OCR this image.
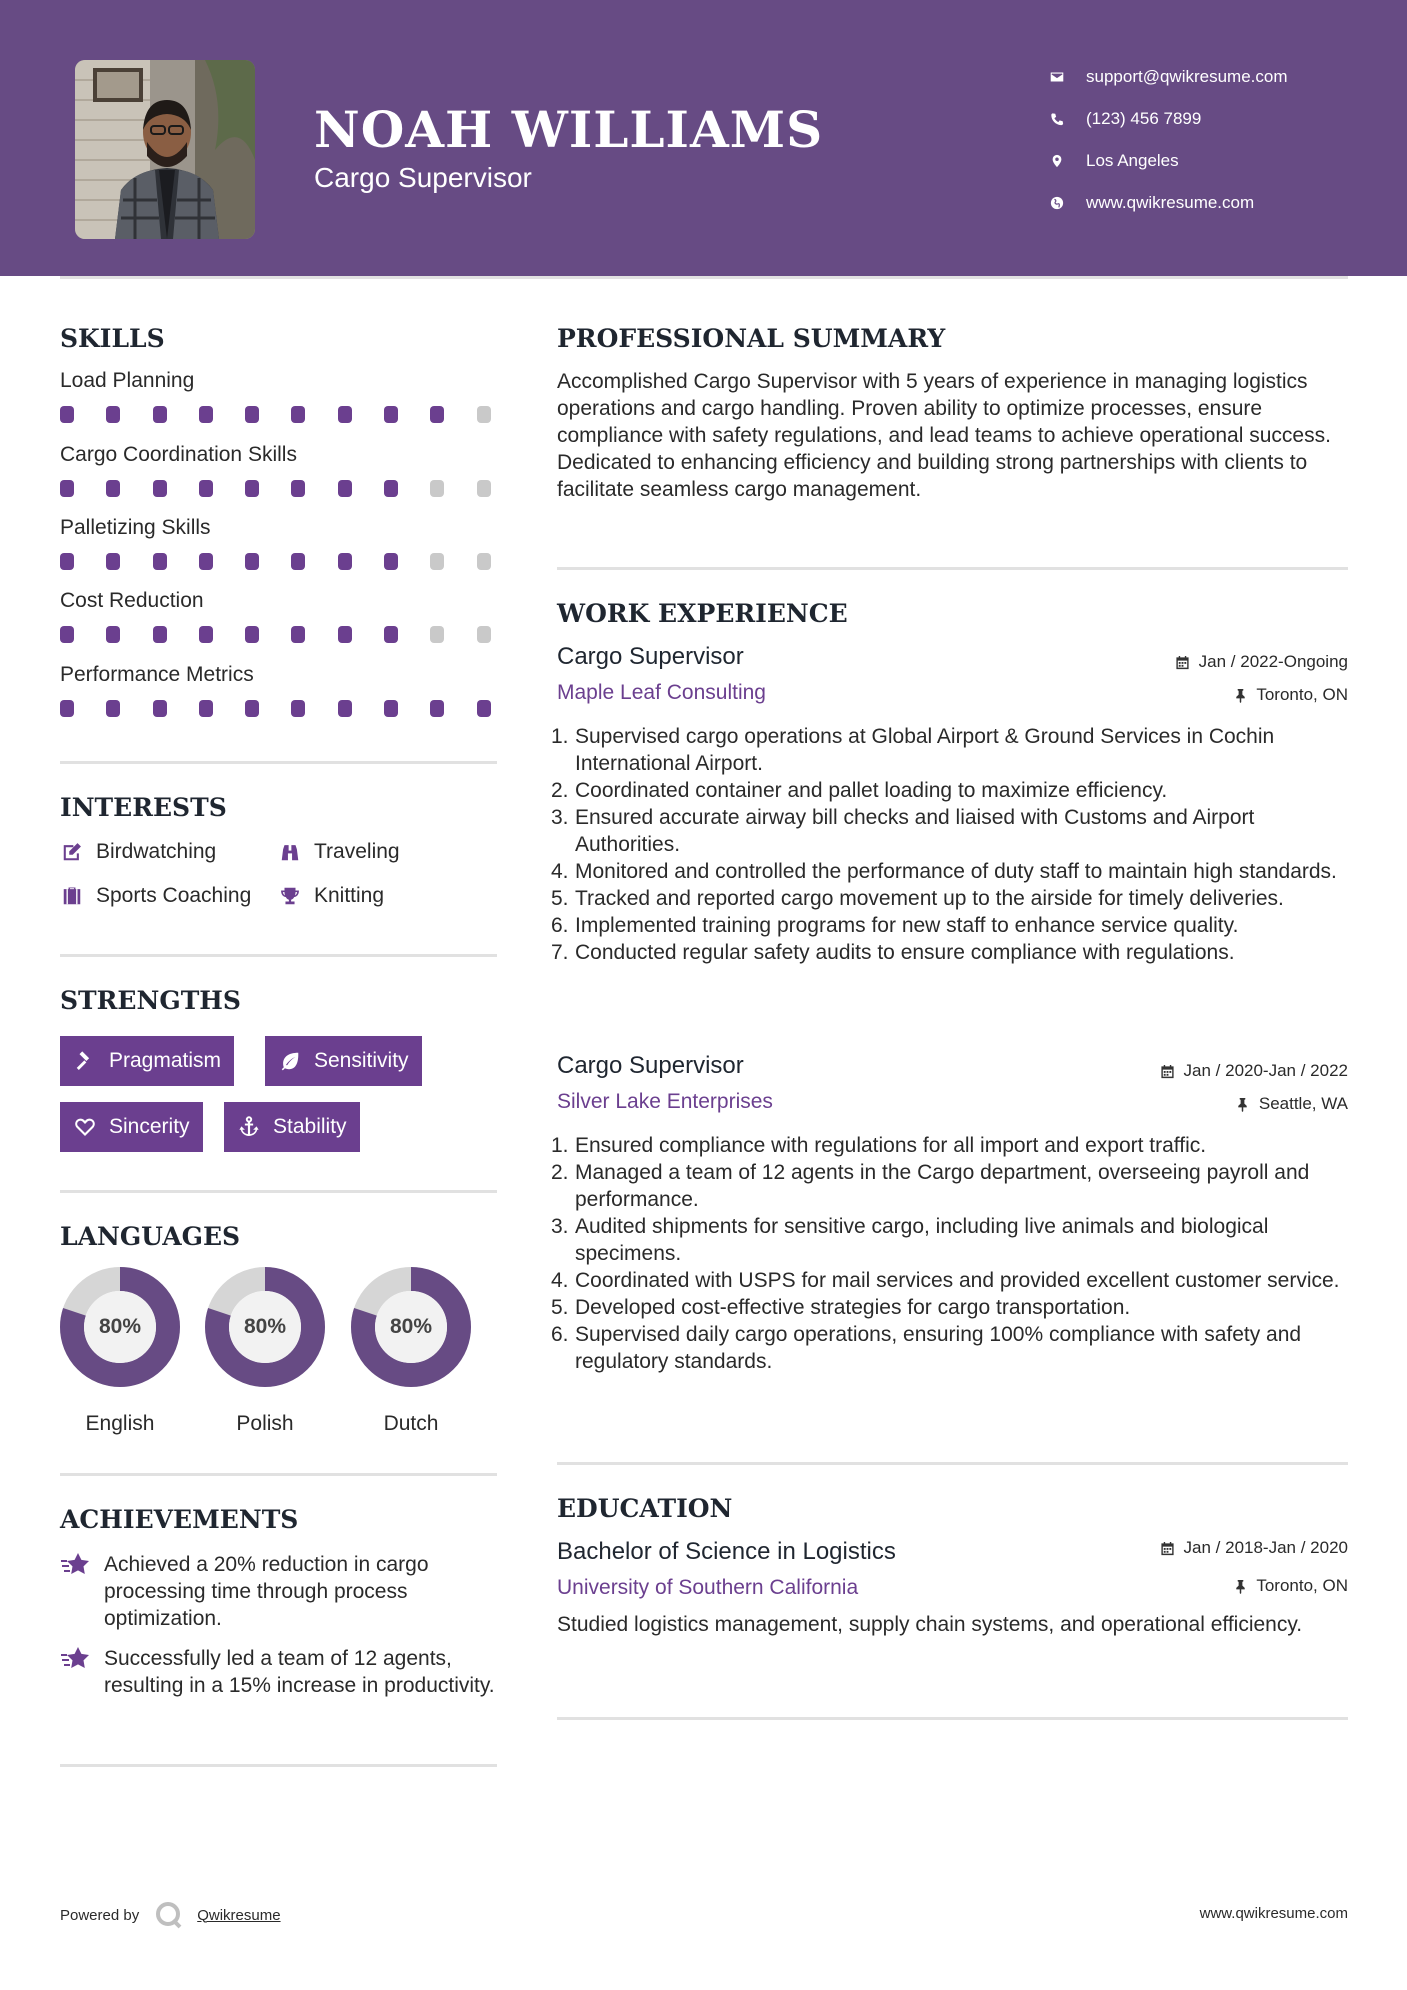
NOAH WILLIAMS
Cargo Supervisor
support@qwikresume.com
(123) 456 7899
Los Angeles
www.qwikresume.com
SKILLS
Load Planning
Cargo Coordination Skills
Palletizing Skills
Cost Reduction
Performance Metrics
INTERESTS
Birdwatching	Traveling
Sports Coaching	Knitting
STRENGTHS
Pragmatism	Sensitivity
Sincerity	Stability
LANGUAGES
80%
English
80%
Polish
80%
Dutch
ACHIEVEMENTS
Achieved a 20% reduction in cargo processing time through process optimization.
Successfully led a team of 12 agents, resulting in a 15% increase in productivity.
PROFESSIONAL SUMMARY
Accomplished Cargo Supervisor with 5 years of experience in managing logistics operations and cargo handling. Proven ability to optimize processes, ensure compliance with safety regulations, and lead teams to achieve operational success. Dedicated to enhancing efficiency and building strong partnerships with clients to facilitate seamless cargo management.
WORK EXPERIENCE
Cargo Supervisor	Jan / 2022-Ongoing
Maple Leaf Consulting	Toronto, ON
1. Supervised cargo operations at Global Airport & Ground Services in Cochin International Airport.
2. Coordinated container and pallet loading to maximize efficiency.
3. Ensured accurate airway bill checks and liaised with Customs and Airport Authorities.
4. Monitored and controlled the performance of duty staff to maintain high standards.
5. Tracked and reported cargo movement up to the airside for timely deliveries.
6. Implemented training programs for new staff to enhance service quality.
7. Conducted regular safety audits to ensure compliance with regulations.
Cargo Supervisor	Jan / 2020-Jan / 2022
Silver Lake Enterprises	Seattle, WA
1. Ensured compliance with regulations for all import and export traffic.
2. Managed a team of 12 agents in the Cargo department, overseeing payroll and performance.
3. Audited shipments for sensitive cargo, including live animals and biological specimens.
4. Coordinated with USPS for mail services and provided excellent customer service.
5. Developed cost-effective strategies for cargo transportation.
6. Supervised daily cargo operations, ensuring 100% compliance with safety and regulatory standards.
EDUCATION
Bachelor of Science in Logistics	Jan / 2018-Jan / 2020
University of Southern California	Toronto, ON
Studied logistics management, supply chain systems, and operational efficiency.
Powered by	Qwikresume	www.qwikresume.com
